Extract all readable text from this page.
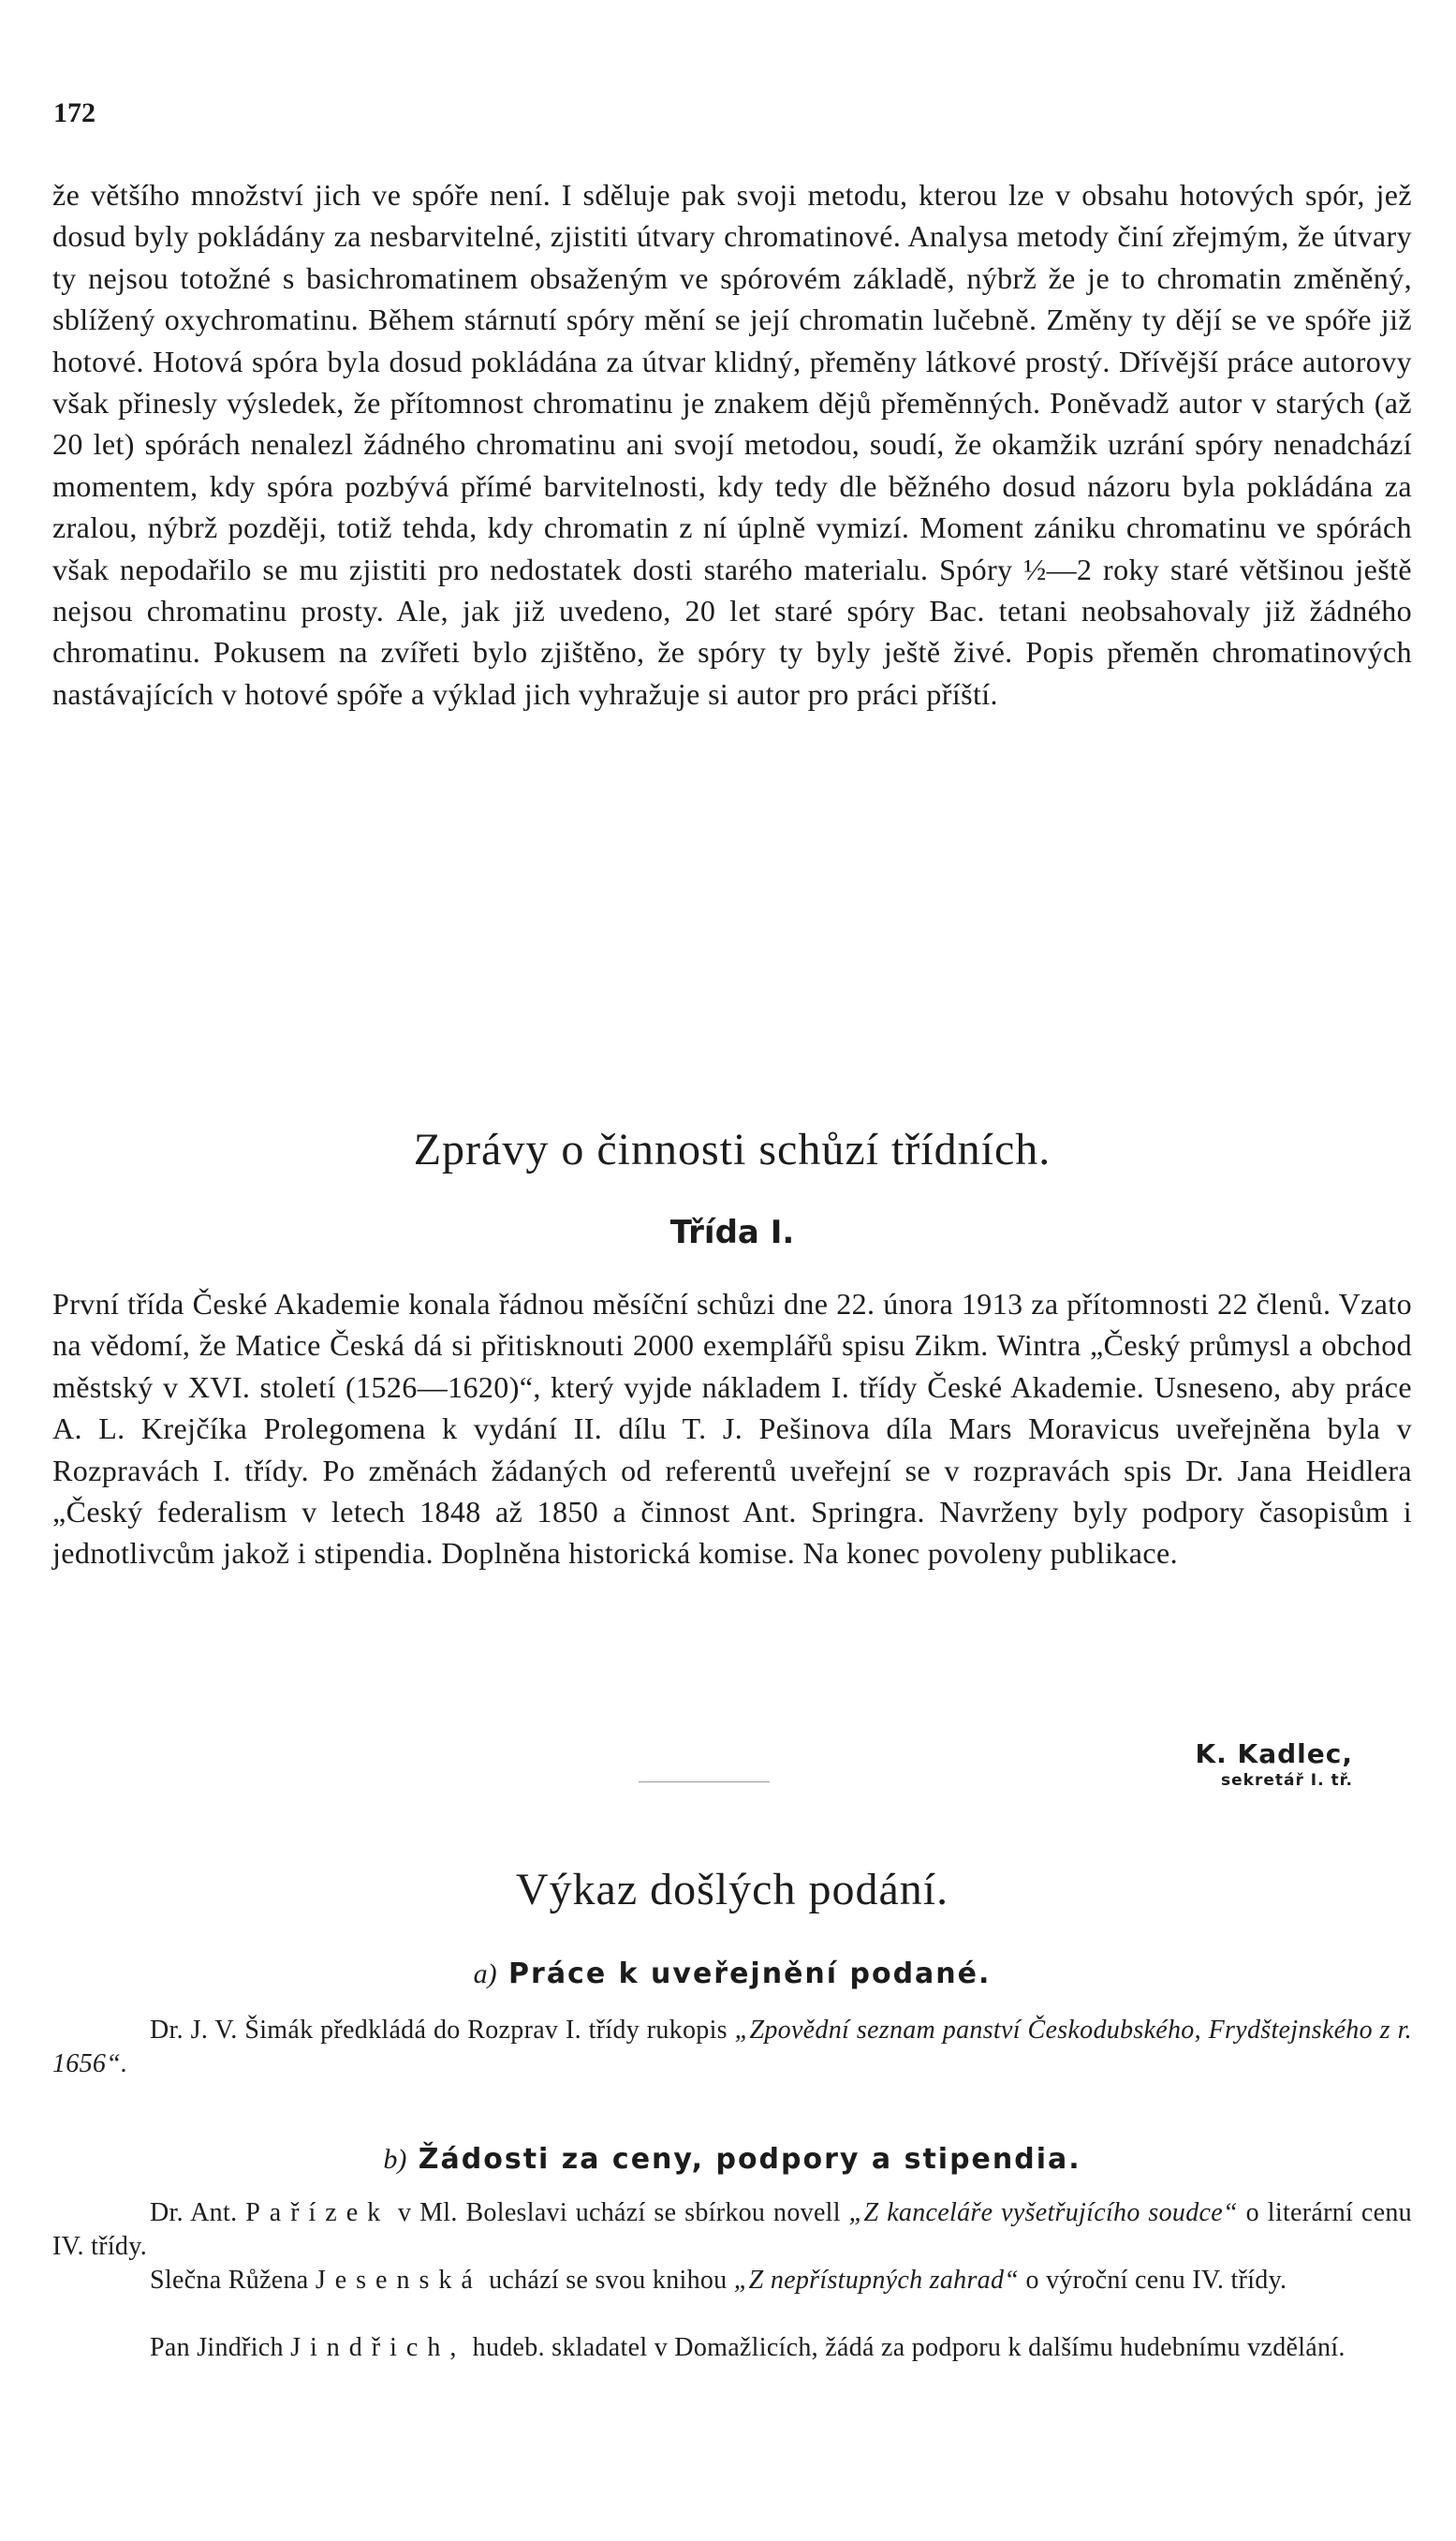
172

že většího množství jich ve spóře není. I sděluje pak svoji metodu, kterou lze v obsahu hotových spór, jež dosud byly pokládány za nesbarvitelné, zjistiti útvary chromatinové. Analysa metody činí zřejmým, že útvary ty nejsou totožné s basichromatinem obsaženým ve spórovém základě, nýbrž že je to chromatin změněný, sblížený oxychromatinu. Během stárnutí spóry mění se její chromatin lučebně. Změny ty dějí se ve spóře již hotové. Hotová spóra byla dosud pokládána za útvar klidný, přeměny látkové prostý. Dřívější práce autorovy však přinesly výsledek, že přítomnost chromatinu je znakem dějů přeměnných. Poněvadž autor v starých (až 20 let) spórách nenalezl žádného chromatinu ani svojí metodou, soudí, že okamžik uzrání spóry nenadchází momentem, kdy spóra pozbývá přímé barvitelnosti, kdy tedy dle běžného dosud názoru byla pokládána za zralou, nýbrž později, totiž tehda, kdy chromatin z ní úplně vymizí. Moment zániku chromatinu ve spórách však nepodařilo se mu zjistiti pro nedostatek dosti starého materialu. Spóry ½—2 roky staré většinou ještě nejsou chromatinu prosty. Ale, jak již uvedeno, 20 let staré spóry Bac. tetani neobsahovaly již žádného chromatinu. Pokusem na zvířeti bylo zjištěno, že spóry ty byly ještě živé. Popis přeměn chromatinových nastávajících v hotové spóře a výklad jich vyhražuje si autor pro práci příští.

Zprávy o činnosti schůzí třídních.
Třída I.

První třída České Akademie konala řádnou měsíční schůzi dne 22. února 1913 za přítomnosti 22 členů. Vzato na vědomí, že Matice Česká dá si přitisknouti 2000 exemplářů spisu Zikm. Wintra „Český průmysl a obchod městský v XVI. století (1526—1620)“, který vyjde nákladem I. třídy České Akademie. Usneseno, aby práce A. L. Krejčíka Prolegomena k vydání II. dílu T. J. Pešinova díla Mars Moravicus uveřejněna byla v Rozpravách I. třídy. Po změnách žádaných od referentů uveřejní se v rozpravách spis Dr. Jana Heidlera „Český federalism v letech 1848 až 1850 a činnost Ant. Springra. Navrženy byly podpory časopisům i jednotlivcům jakož i stipendia. Doplněna historická komise. Na konec povoleny publikace.

K. Kadlec,
sekretář I. tř.
Výkaz došlých podání.
a) Práce k uveřejnění podané.

Dr. J. V. Šimák předkládá do Rozprav I. třídy rukopis „Zpovědní seznam panství Českodubského, Frydštejnského z r. 1656“.

b) Žádosti za ceny, podpory a stipendia.

Dr. Ant. Pařízek v Ml. Boleslavi uchází se sbírkou novell „Z kanceláře vyšetřujícího soudce“ o literární cenu IV. třídy.

Slečna Růžena Jesenská uchází se svou knihou „Z nepřístupných zahrad“ o výroční cenu IV. třídy.

Pan Jindřich Jindřich, hudeb. skladatel v Domažlicích, žádá za podporu k dalšímu hudebnímu vzdělání.
